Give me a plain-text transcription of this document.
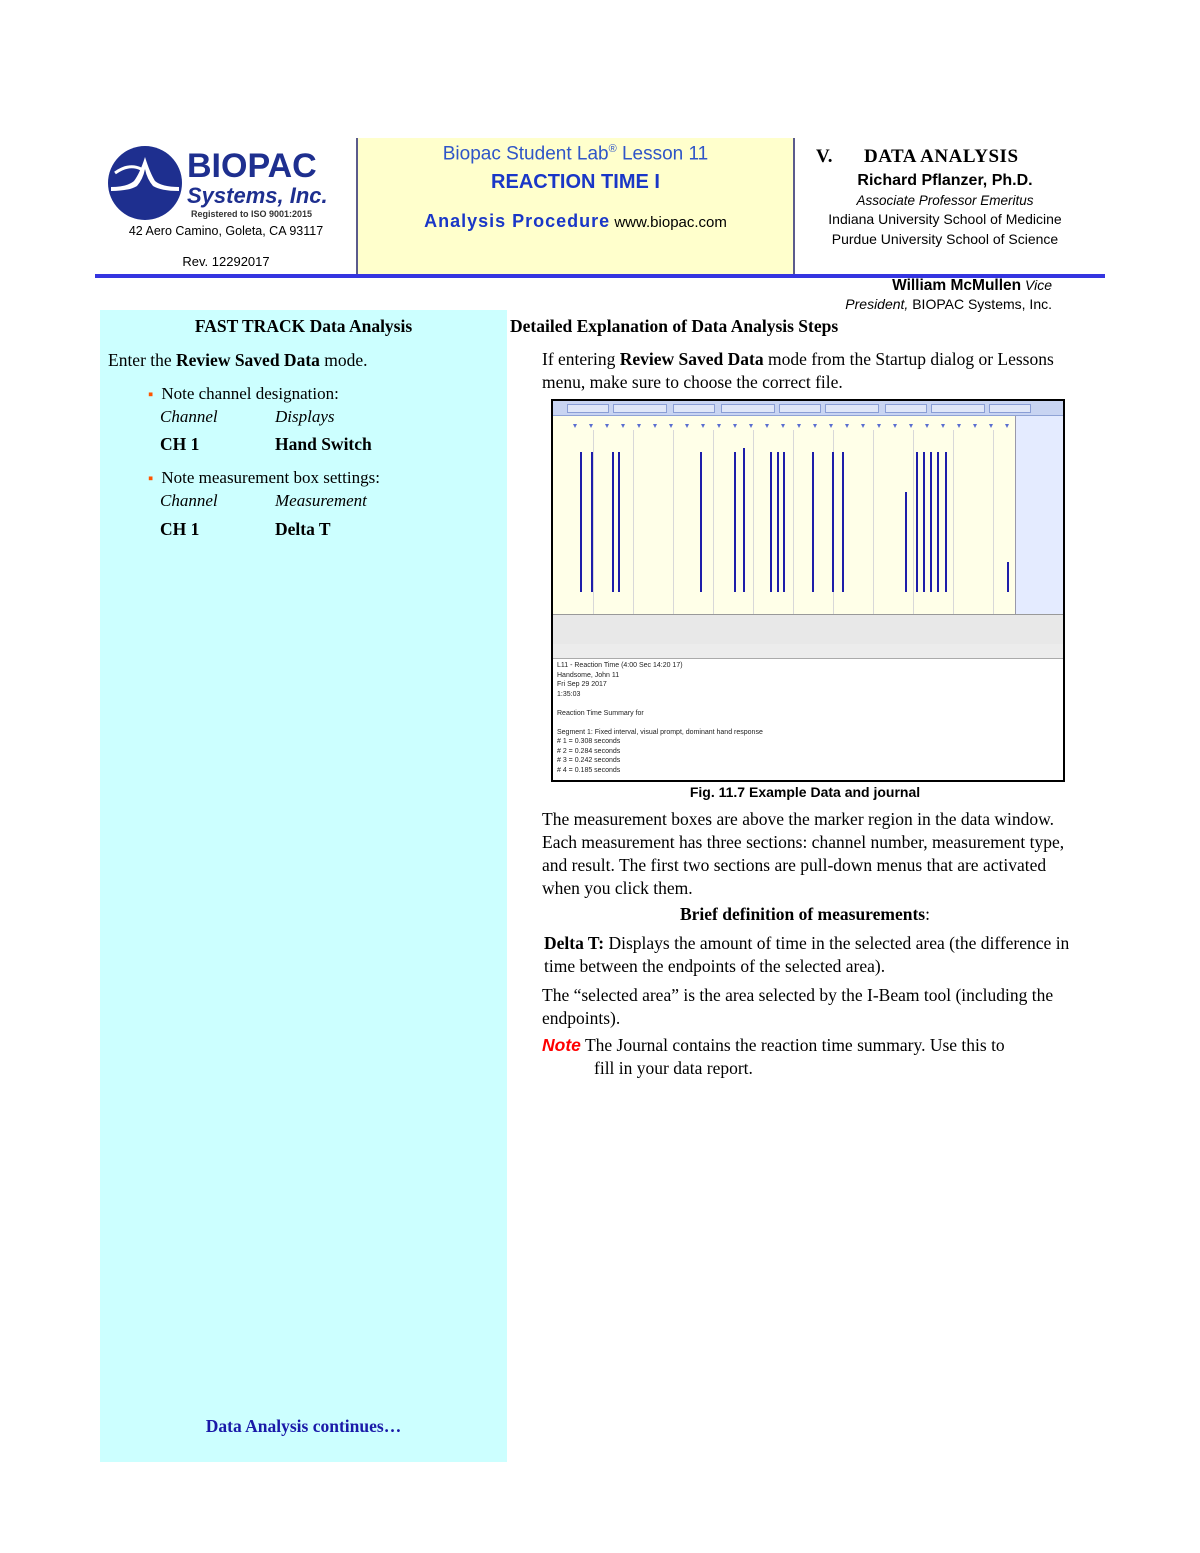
BIOPAC
Systems, Inc.
Registered to ISO 9001:2015
42 Aero Camino, Goleta, CA 93117
Rev. 12292017
Biopac Student Lab® Lesson 11
REACTION TIME I
Analysis Procedure www.biopac.com
V. DATA ANALYSIS
Richard Pflanzer, Ph.D.
Associate Professor Emeritus
Indiana University School of Medicine
Purdue University School of Science
William McMullen Vice
President, BIOPAC Systems, Inc.
FAST TRACK Data Analysis
Enter the Review Saved Data mode.
▪ Note channel designation:
Channel	Displays
CH 1	Hand Switch
▪ Note measurement box settings:
Channel	Measurement
CH 1	Delta T
Data Analysis continues…
Detailed Explanation of Data Analysis Steps
If entering Review Saved Data mode from the Startup dialog or Lessons menu, make sure to choose the correct file.
Fig. 11.7 Example Data and journal
The measurement boxes are above the marker region in the data window. Each measurement has three sections: channel number, measurement type, and result. The first two sections are pull-down menus that are activated when you click them.
Brief definition of measurements:
Delta T: Displays the amount of time in the selected area (the difference in time between the endpoints of the selected area).
The “selected area” is the area selected by the I-Beam tool (including the endpoints).
Note The Journal contains the reaction time summary. Use this to
fill in your data report.
L11 - Reaction Time (4:00 Sec 14:20 17)
Handsome, John 11
Fri Sep 29 2017
1:35:03

Reaction Time Summary for

Segment 1: Fixed interval, visual prompt, dominant hand response
# 1 = 0.308 seconds
# 2 = 0.284 seconds
# 3 = 0.242 seconds
# 4 = 0.185 seconds
